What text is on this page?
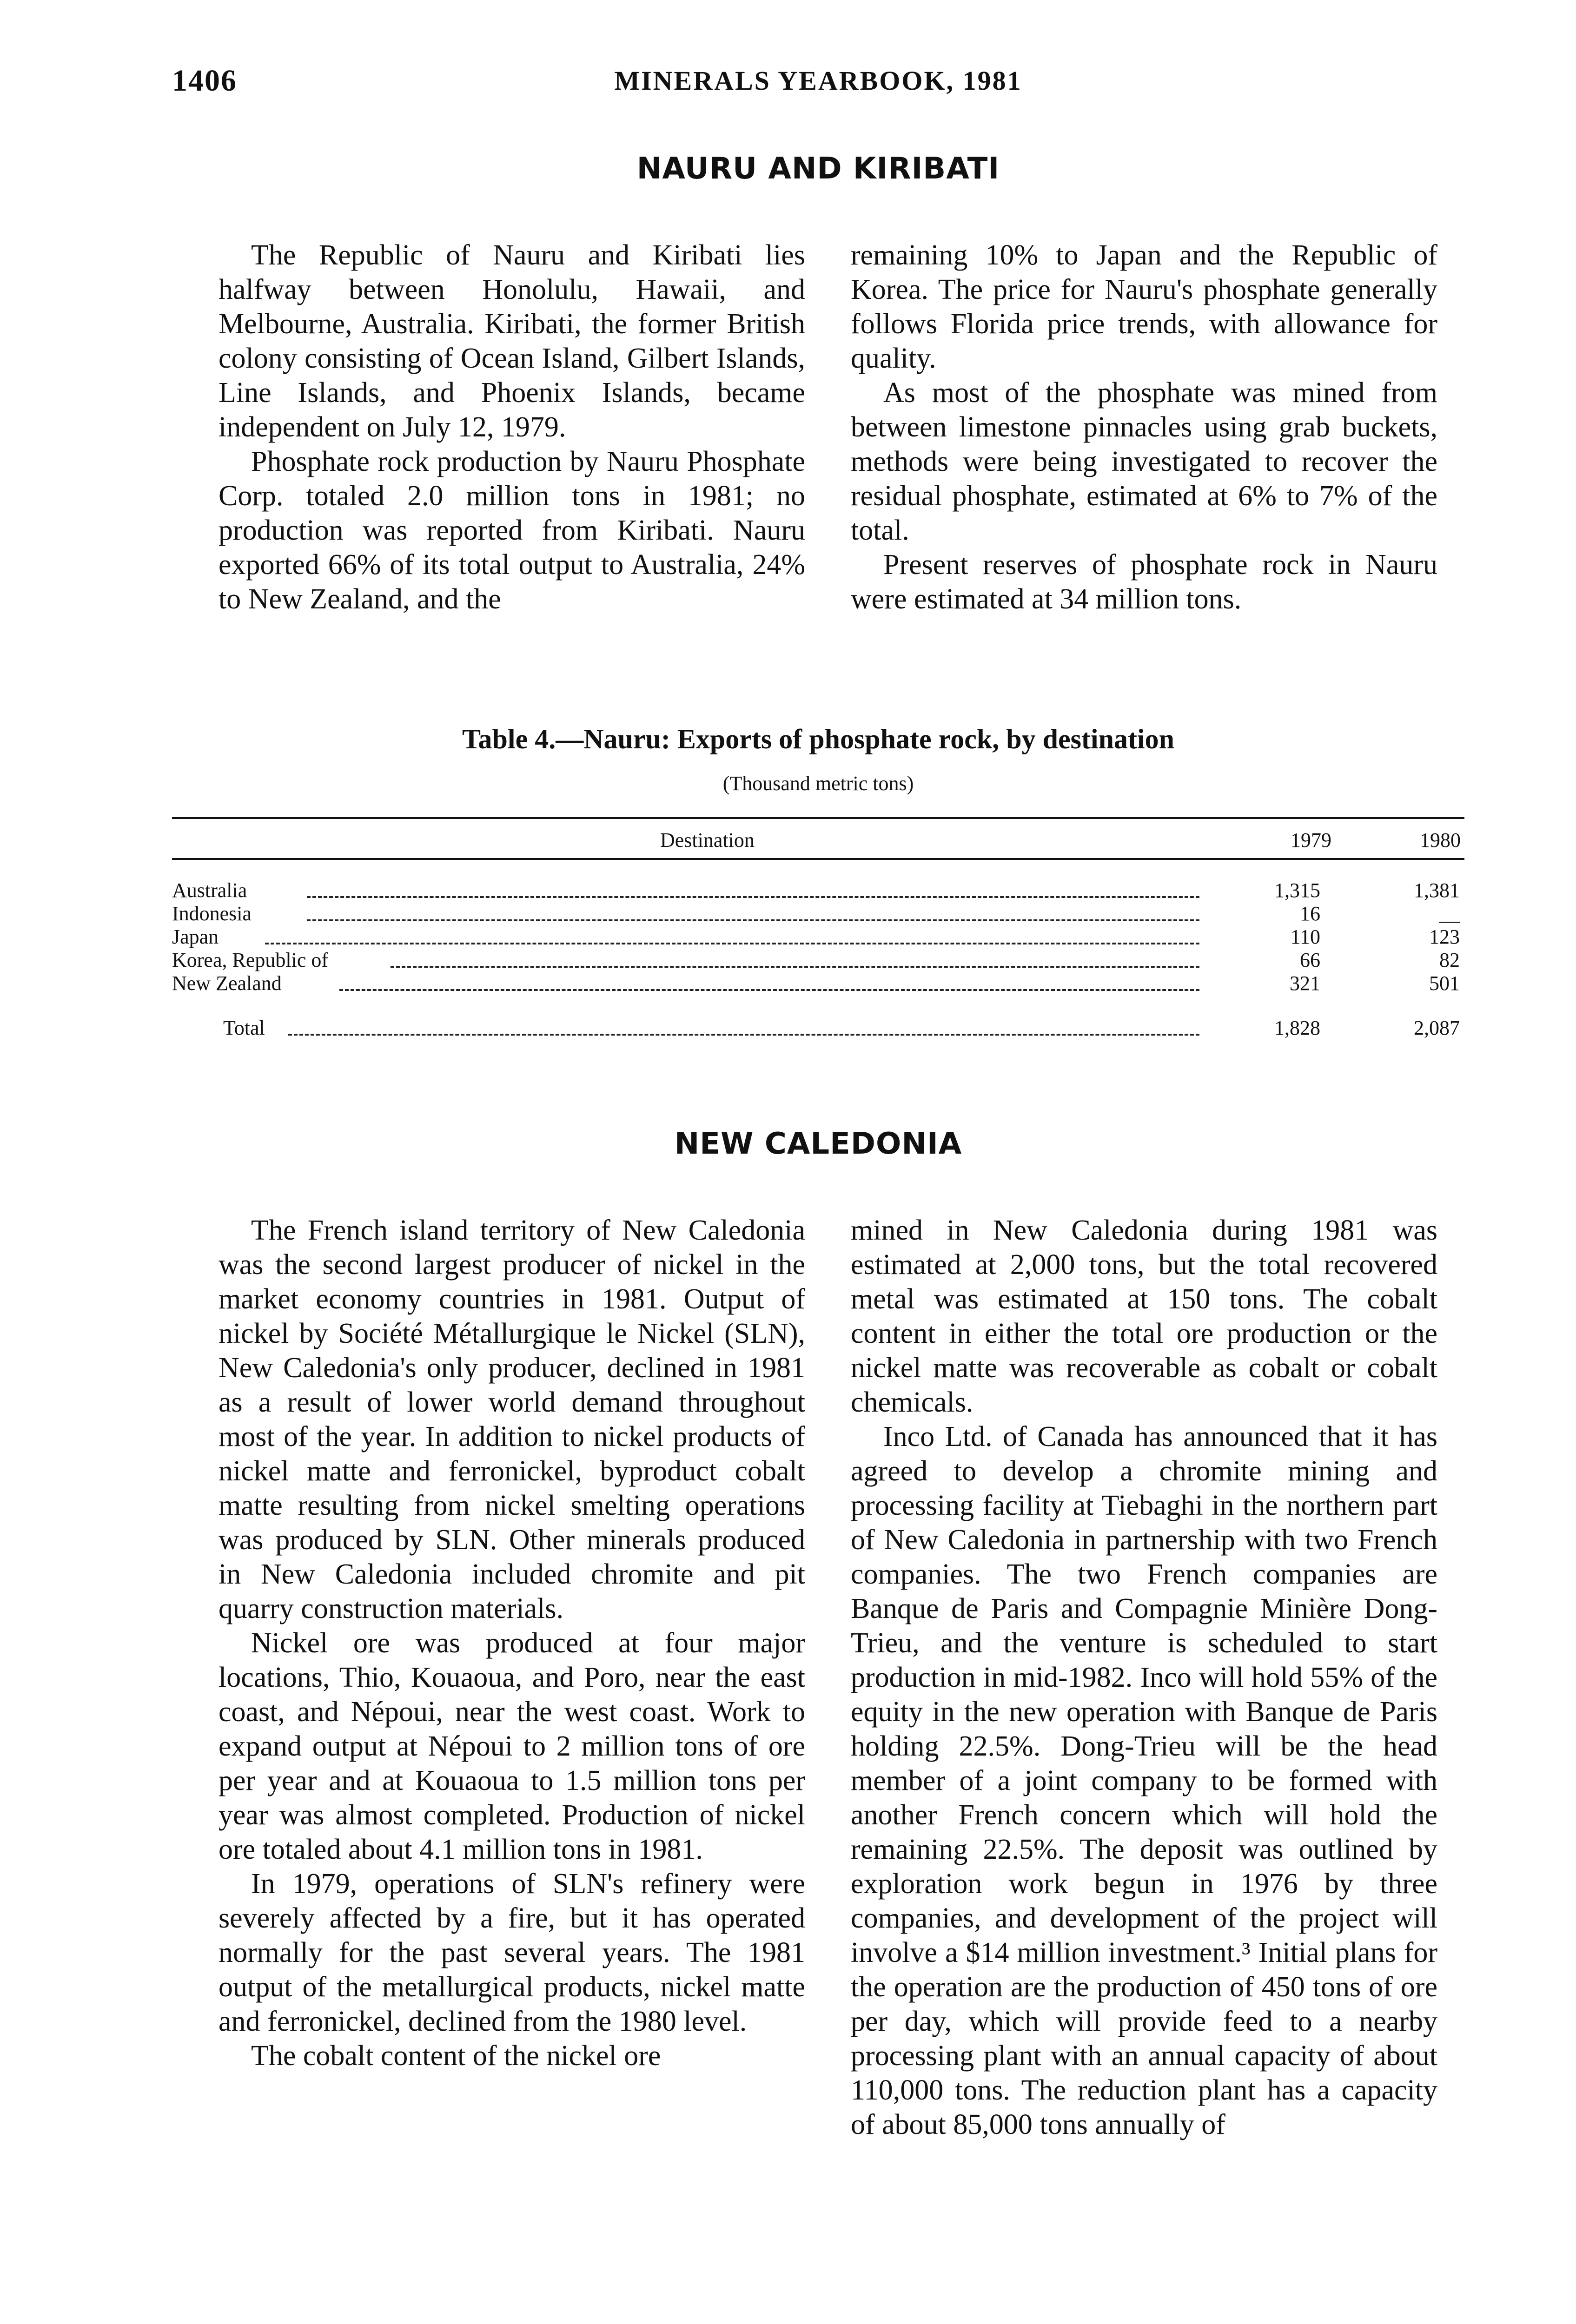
1406	MINERALS YEARBOOK, 1981
NAURU AND KIRIBATI

The Republic of Nauru and Kiribati lies halfway between Honolulu, Hawaii, and Melbourne, Australia. Kiribati, the former British colony consisting of Ocean Island, Gilbert Islands, Line Islands, and Phoenix Islands, became independent on July 12, 1979.

Phosphate rock production by Nauru Phosphate Corp. totaled 2.0 million tons in 1981; no production was reported from Kiribati. Nauru exported 66% of its total output to Australia, 24% to New Zealand, and the

remaining 10% to Japan and the Republic of Korea. The price for Nauru's phosphate generally follows Florida price trends, with allowance for quality.

As most of the phosphate was mined from between limestone pinnacles using grab buckets, methods were being investigated to recover the residual phosphate, estimated at 6% to 7% of the total.

Present reserves of phosphate rock in Nauru were estimated at 34 million tons.

Table 4.—Nauru: Exports of phosphate rock, by destination
(Thousand metric tons)
Destination	1979	1980
Australia	1,315	1,381
Indonesia	16	__
Japan	110	123
Korea, Republic of	66	82
New Zealand	321	501
Total	1,828	2,087
NEW CALEDONIA

The French island territory of New Caledonia was the second largest producer of nickel in the market economy countries in 1981. Output of nickel by Société Métallurgique le Nickel (SLN), New Caledonia's only producer, declined in 1981 as a result of lower world demand throughout most of the year. In addition to nickel products of nickel matte and ferronickel, byproduct cobalt matte resulting from nickel smelting operations was produced by SLN. Other minerals produced in New Caledonia included chromite and pit quarry construction materials.

Nickel ore was produced at four major locations, Thio, Kouaoua, and Poro, near the east coast, and Népoui, near the west coast. Work to expand output at Népoui to 2 million tons of ore per year and at Kouaoua to 1.5 million tons per year was almost completed. Production of nickel ore totaled about 4.1 million tons in 1981.

In 1979, operations of SLN's refinery were severely affected by a fire, but it has operated normally for the past several years. The 1981 output of the metallurgical products, nickel matte and ferronickel, declined from the 1980 level.

The cobalt content of the nickel ore

mined in New Caledonia during 1981 was estimated at 2,000 tons, but the total recovered metal was estimated at 150 tons. The cobalt content in either the total ore production or the nickel matte was recoverable as cobalt or cobalt chemicals.

Inco Ltd. of Canada has announced that it has agreed to develop a chromite mining and processing facility at Tiebaghi in the northern part of New Caledonia in partnership with two French companies. The two French companies are Banque de Paris and Compagnie Minière Dong-Trieu, and the venture is scheduled to start production in mid-1982. Inco will hold 55% of the equity in the new operation with Banque de Paris holding 22.5%. Dong-Trieu will be the head member of a joint company to be formed with another French concern which will hold the remaining 22.5%. The deposit was outlined by exploration work begun in 1976 by three companies, and development of the project will involve a $14 million investment.³ Initial plans for the operation are the production of 450 tons of ore per day, which will provide feed to a nearby processing plant with an annual capacity of about 110,000 tons. The reduction plant has a capacity of about 85,000 tons annually of
